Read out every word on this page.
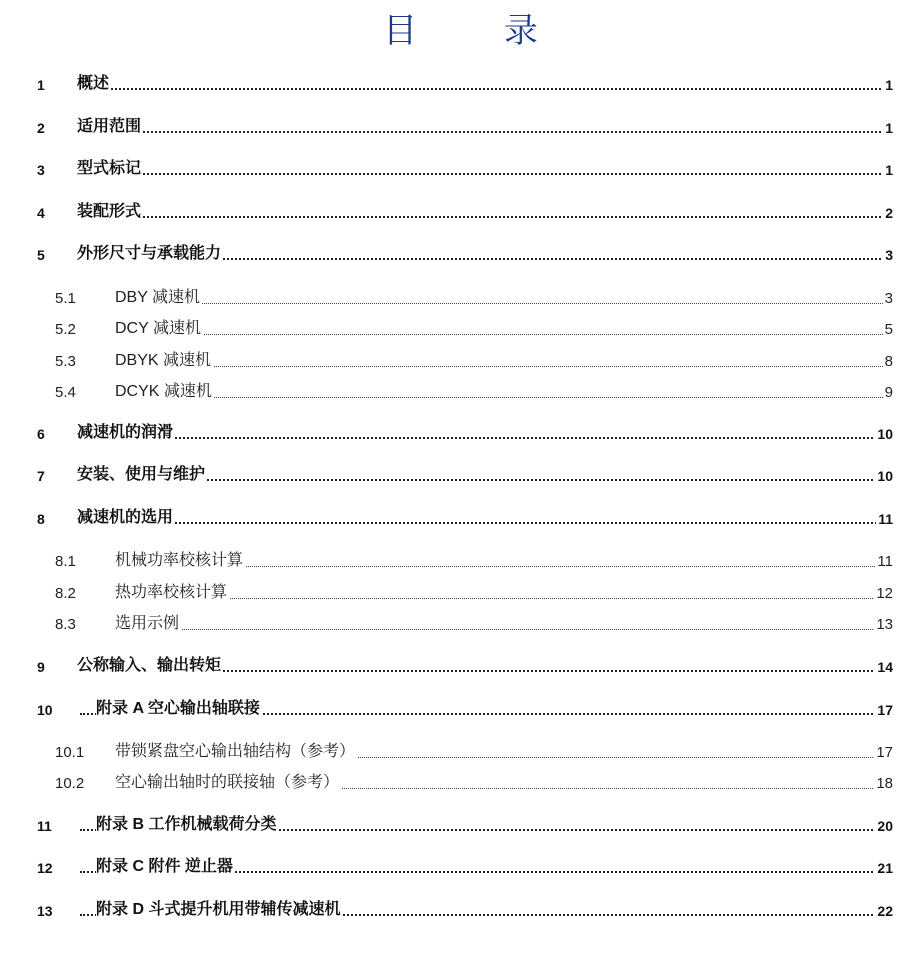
目 录
1 概述	1
2 适用范围	1
3 型式标记	1
4 装配形式	2
5 外形尺寸与承载能力	3
5.1 DBY 减速机	3
5.2 DCY 减速机	5
5.3 DBYK 减速机	8
5.4 DCYK 减速机	9
6 减速机的润滑	10
7 安装、使用与维护	10
8 减速机的选用	11
8.1 机械功率校核计算	11
8.2 热功率校核计算	12
8.3 选用示例	13
9 公称输入、输出转矩	14
10	附录 A 空心输出轴联接	17
10.1 带锁紧盘空心输出轴结构（参考）	17
10.2 空心输出轴时的联接轴（参考）	18
11	附录 B 工作机械载荷分类	20
12	附录 C 附件 逆止器	21
13	附录 D 斗式提升机用带辅传减速机	22
